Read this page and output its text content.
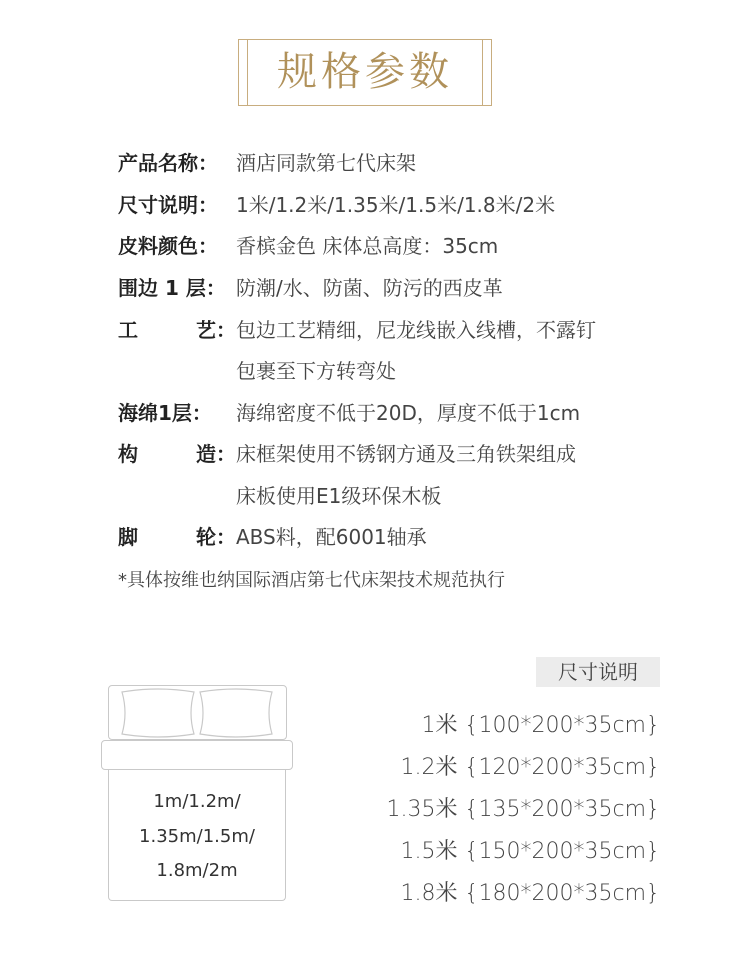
规格参数
产品名称： 酒店同款第七代床架
尺寸说明： 1米/1.2米/1.35米/1.5米/1.8米/2米
皮料颜色： 香槟金色 床体总高度：35cm
围边 1 层： 防潮/水、防菌、防污的西皮革
工	艺： 包边工艺精细，尼龙线嵌入线槽，不露钉
包裹至下方转弯处
海绵1层：	海绵密度不低于20D，厚度不低于1cm
构	造： 床框架使用不锈钢方通及三角铁架组成
床板使用E1级环保木板
脚	轮： ABS料，配6001轴承
*具体按维也纳国际酒店第七代床架技术规范执行
1m/1.2m/
1.35m/1.5m/
1.8m/2m
尺寸说明
1米 {100*200*35cm}
1.2米 {120*200*35cm}
1.35米 {135*200*35cm}
1.5米 {150*200*35cm}
1.8米 {180*200*35cm}
